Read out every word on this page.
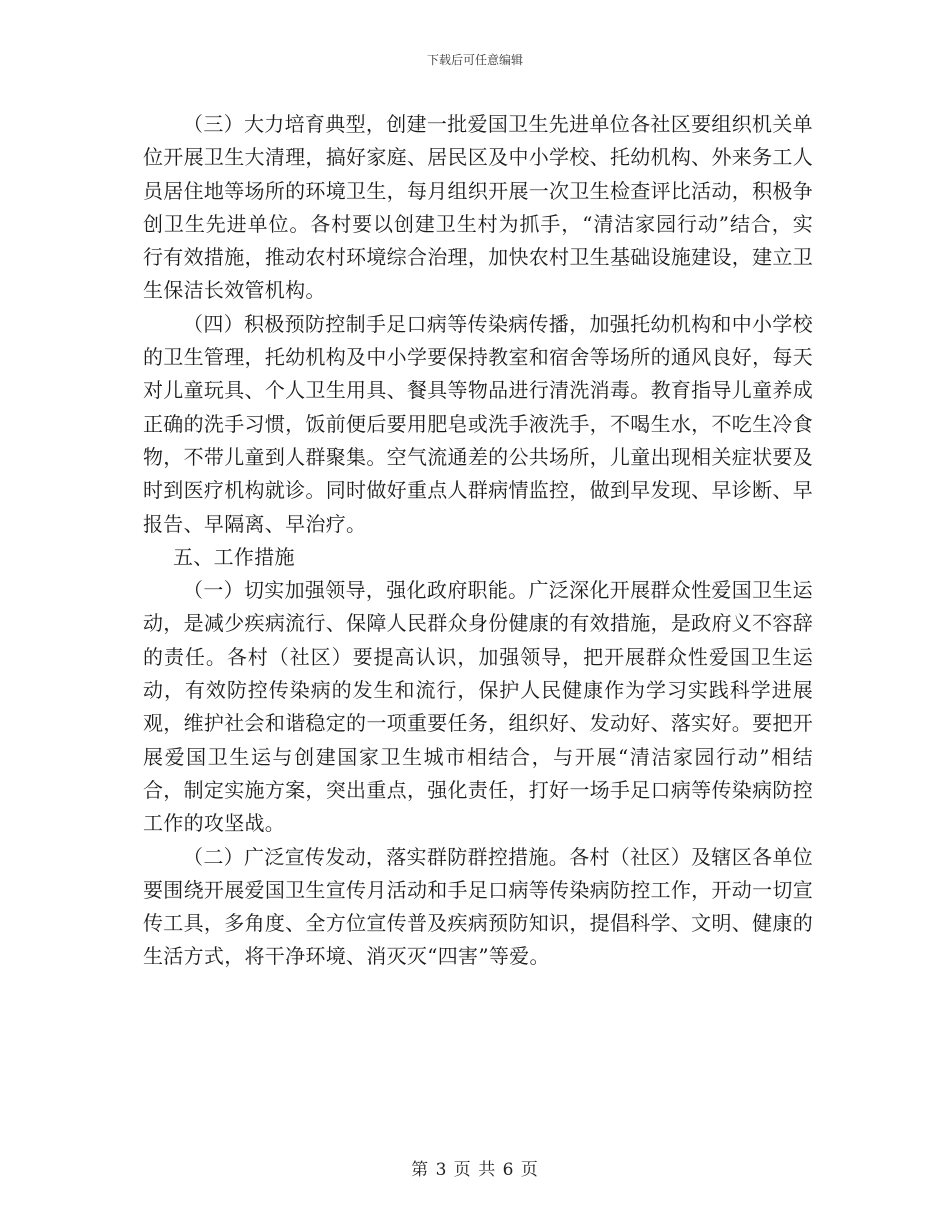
下载后可任意编辑

（三）大力培育典型，创建一批爱国卫生先进单位各社区要组织机关单位开展卫生大清理，搞好家庭、居民区及中小学校、托幼机构、外来务工人员居住地等场所的环境卫生，每月组织开展一次卫生检查评比活动，积极争创卫生先进单位。各村要以创建卫生村为抓手，“清洁家园行动”结合，实行有效措施，推动农村环境综合治理，加快农村卫生基础设施建设，建立卫生保洁长效管机构。

（四）积极预防控制手足口病等传染病传播，加强托幼机构和中小学校的卫生管理，托幼机构及中小学要保持教室和宿舍等场所的通风良好，每天对儿童玩具、个人卫生用具、餐具等物品进行清洗消毒。教育指导儿童养成正确的洗手习惯，饭前便后要用肥皂或洗手液洗手，不喝生水，不吃生冷食物，不带儿童到人群聚集。空气流通差的公共场所，儿童出现相关症状要及时到医疗机构就诊。同时做好重点人群病情监控，做到早发现、早诊断、早报告、早隔离、早治疗。

五、工作措施

（一）切实加强领导，强化政府职能。广泛深化开展群众性爱国卫生运动，是减少疾病流行、保障人民群众身份健康的有效措施，是政府义不容辞的责任。各村（社区）要提高认识，加强领导，把开展群众性爱国卫生运动，有效防控传染病的发生和流行，保护人民健康作为学习实践科学进展观，维护社会和谐稳定的一项重要任务，组织好、发动好、落实好。要把开展爱国卫生运与创建国家卫生城市相结合，与开展“清洁家园行动”相结合，制定实施方案，突出重点，强化责任，打好一场手足口病等传染病防控工作的攻坚战。

（二）广泛宣传发动，落实群防群控措施。各村（社区）及辖区各单位要围绕开展爱国卫生宣传月活动和手足口病等传染病防控工作，开动一切宣传工具，多角度、全方位宣传普及疾病预防知识，提倡科学、文明、健康的生活方式，将干净环境、消灭灭“四害”等爱。

第 3 页 共 6 页
